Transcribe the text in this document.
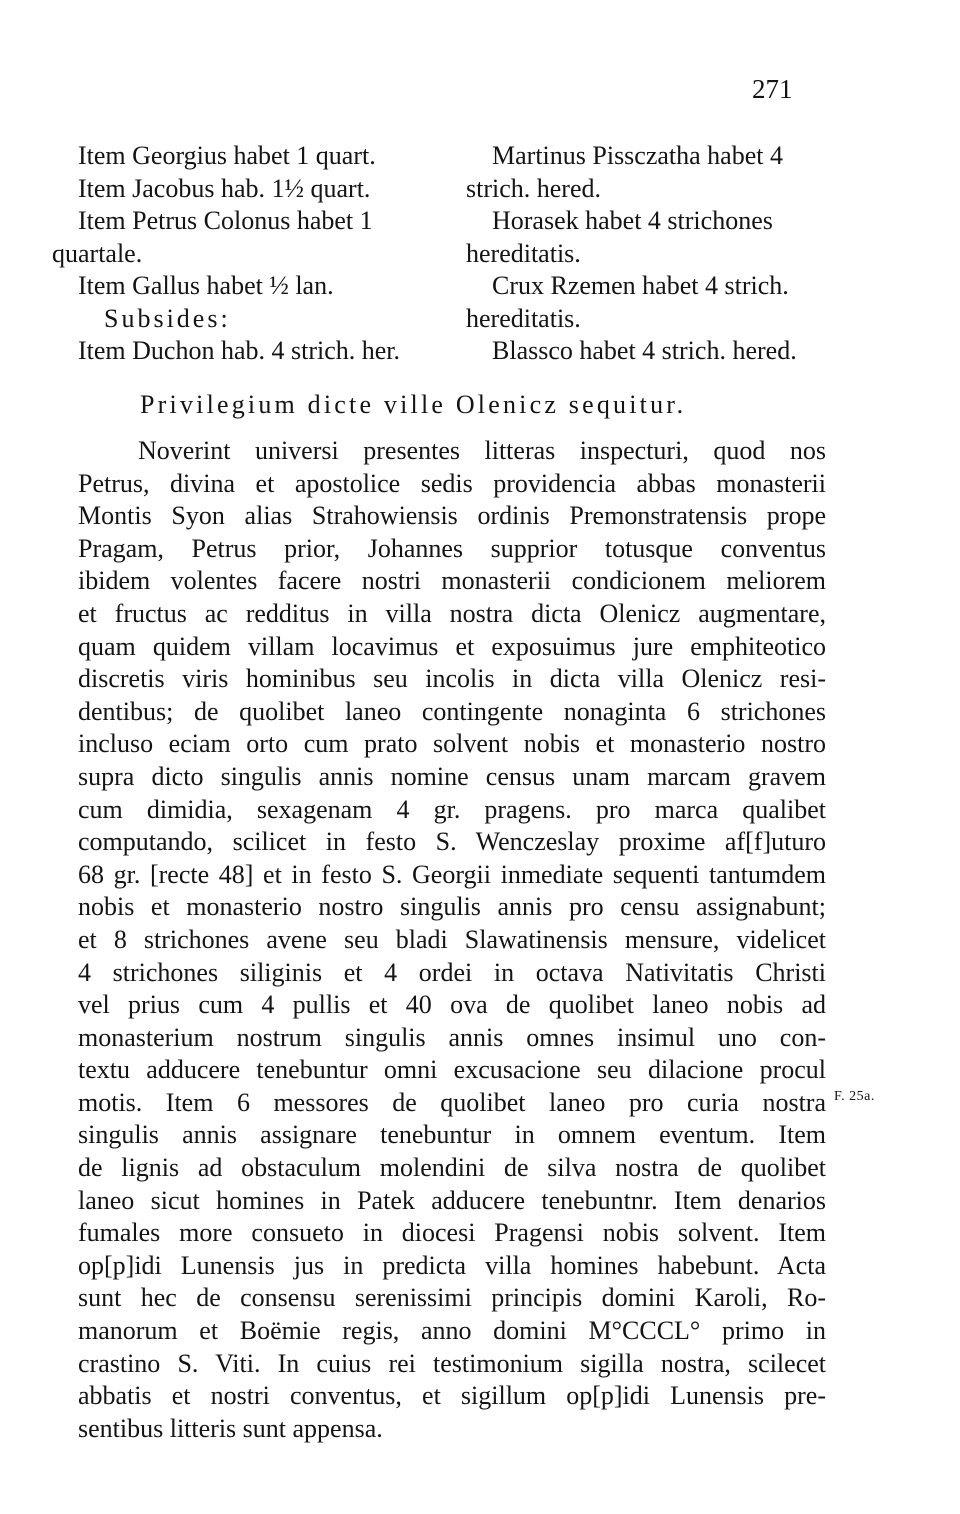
271
Item Georgius habet 1 quart.
Item Jacobus hab. 1½ quart.
Item Petrus Colonus habet 1
quartale.
Item Gallus habet ½ lan.
Subsides:
Item Duchon hab. 4 strich. her.
Martinus Pissczatha habet 4
strich. hered.
Horasek habet 4 strichones
hereditatis.
Crux Rzemen habet 4 strich.
hereditatis.
Blassco habet 4 strich. hered.
Privilegium dicte ville Olenicz sequitur.
Noverint universi presentes litteras inspecturi, quod nos
Petrus, divina et apostolice sedis providencia abbas monasterii
Montis Syon alias Strahowiensis ordinis Premonstratensis prope
Pragam, Petrus prior, Johannes supprior totusque conventus
ibidem volentes facere nostri monasterii condicionem meliorem
et fructus ac redditus in villa nostra dicta Olenicz augmentare,
quam quidem villam locavimus et exposuimus jure emphiteotico
discretis viris hominibus seu incolis in dicta villa Olenicz resi-
dentibus; de quolibet laneo contingente nonaginta 6 strichones
incluso eciam orto cum prato solvent nobis et monasterio nostro
supra dicto singulis annis nomine census unam marcam gravem
cum dimidia, sexagenam 4 gr. pragens. pro marca qualibet
computando, scilicet in festo S. Wenczeslay proxime af[f]uturo
68 gr. [recte 48] et in festo S. Georgii inmediate sequenti tantumdem
nobis et monasterio nostro singulis annis pro censu assignabunt;
et 8 strichones avene seu bladi Slawatinensis mensure, videlicet
4 strichones siliginis et 4 ordei in octava Nativitatis Christi
vel prius cum 4 pullis et 40 ova de quolibet laneo nobis ad
monasterium nostrum singulis annis omnes insimul uno con-
textu adducere tenebuntur omni excusacione seu dilacione procul
motis. Item 6 messores de quolibet laneo pro curia nostra
singulis annis assignare tenebuntur in omnem eventum. Item
de lignis ad obstaculum molendini de silva nostra de quolibet
laneo sicut homines in Patek adducere tenebuntnr. Item denarios
fumales more consueto in diocesi Pragensi nobis solvent. Item
op[p]idi Lunensis jus in predicta villa homines habebunt. Acta
sunt hec de consensu serenissimi principis domini Karoli, Ro-
manorum et Boëmie regis, anno domini M°CCCL° primo in
crastino S. Viti. In cuius rei testimonium sigilla nostra, scilecet
abbatis et nostri conventus, et sigillum op[p]idi Lunensis pre-
sentibus litteris sunt appensa.
F. 25a.
